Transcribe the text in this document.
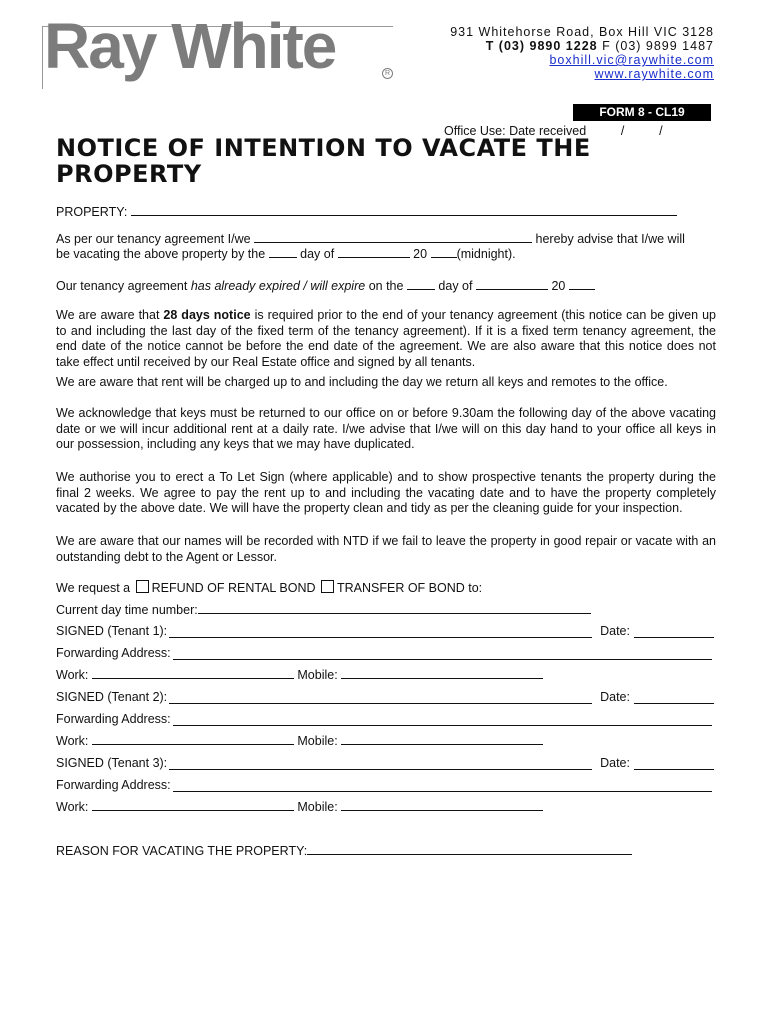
Ray White	R
931 Whitehorse Road, Box Hill VIC 3128
T (03) 9890 1228 F (03) 9899 1487
boxhill.vic@raywhite.com
www.raywhite.com
FORM 8 - CL19
Office Use: Date received          /          /
NOTICE OF INTENTION TO VACATE THE PROPERTY
PROPERTY:
As per our tenancy agreement I/we	hereby advise that I/we will
be vacating the above property by the	day of	20 (midnight).
Our tenancy agreement has already expired / will expire on the	day of	20
We are aware that 28 days notice is required prior to the end of your tenancy agreement (this notice can be given up to and including the last day of the fixed term of the tenancy agreement). If it is a fixed term tenancy agreement, the end date of the notice cannot be before the end date of the agreement. We are also aware that this notice does not take effect until received by our Real Estate office and signed by all tenants.
We are aware that rent will be charged up to and including the day we return all keys and remotes to the office.
We acknowledge that keys must be returned to our office on or before 9.30am the following day of the above vacating date or we will incur additional rent at a daily rate. I/we advise that I/we will on this day hand to your office all keys in our possession, including any keys that we may have duplicated.
We authorise you to erect a To Let Sign (where applicable) and to show prospective tenants the property during the final 2 weeks. We agree to pay the rent up to and including the vacating date and to have the property completely vacated by the above date. We will have the property clean and tidy as per the cleaning guide for your inspection.
We are aware that our names will be recorded with NTD if we fail to leave the property in good repair or vacate with an outstanding debt to the Agent or Lessor.
We request a REFUND OF RENTAL BOND TRANSFER OF BOND to:
Current day time number:
SIGNED (Tenant 1):	Date:
Forwarding Address:
Work:	Mobile:
SIGNED (Tenant 2):	Date:
Forwarding Address:
Work:	Mobile:
SIGNED (Tenant 3):	Date:
Forwarding Address:
Work:	Mobile:
REASON FOR VACATING THE PROPERTY:
